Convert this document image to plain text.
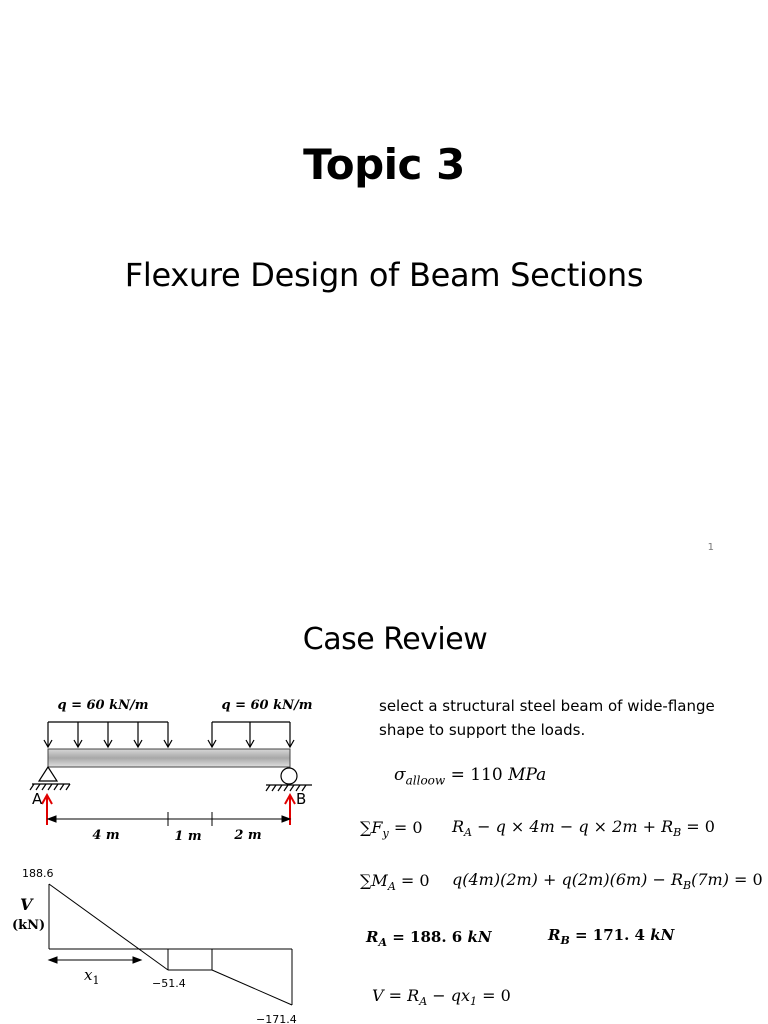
Topic 3
Flexure Design of Beam Sections
1
Case Review
select a structural steel beam of wide-flange shape to support the loads.
q = 60 kN/m	q = 60 kN/m
A	B
4 m	1 m	2 m
188.6
V
(kN)
$x_1$	−51.4
−171.4
$\sigma_{alloow} = 110$ MPa
$\sum F_y = 0$ $R_A - q \times 4m - q \times 2m + R_B = 0$
$\sum M_A = 0$ $q(4m)(2m) + q(2m)(6m) - R_B(7m) = 0$
$R_A = 188$. 6 kN	$R_B = 171$. 4 kN
$V = R_A - qx_1 = 0$
